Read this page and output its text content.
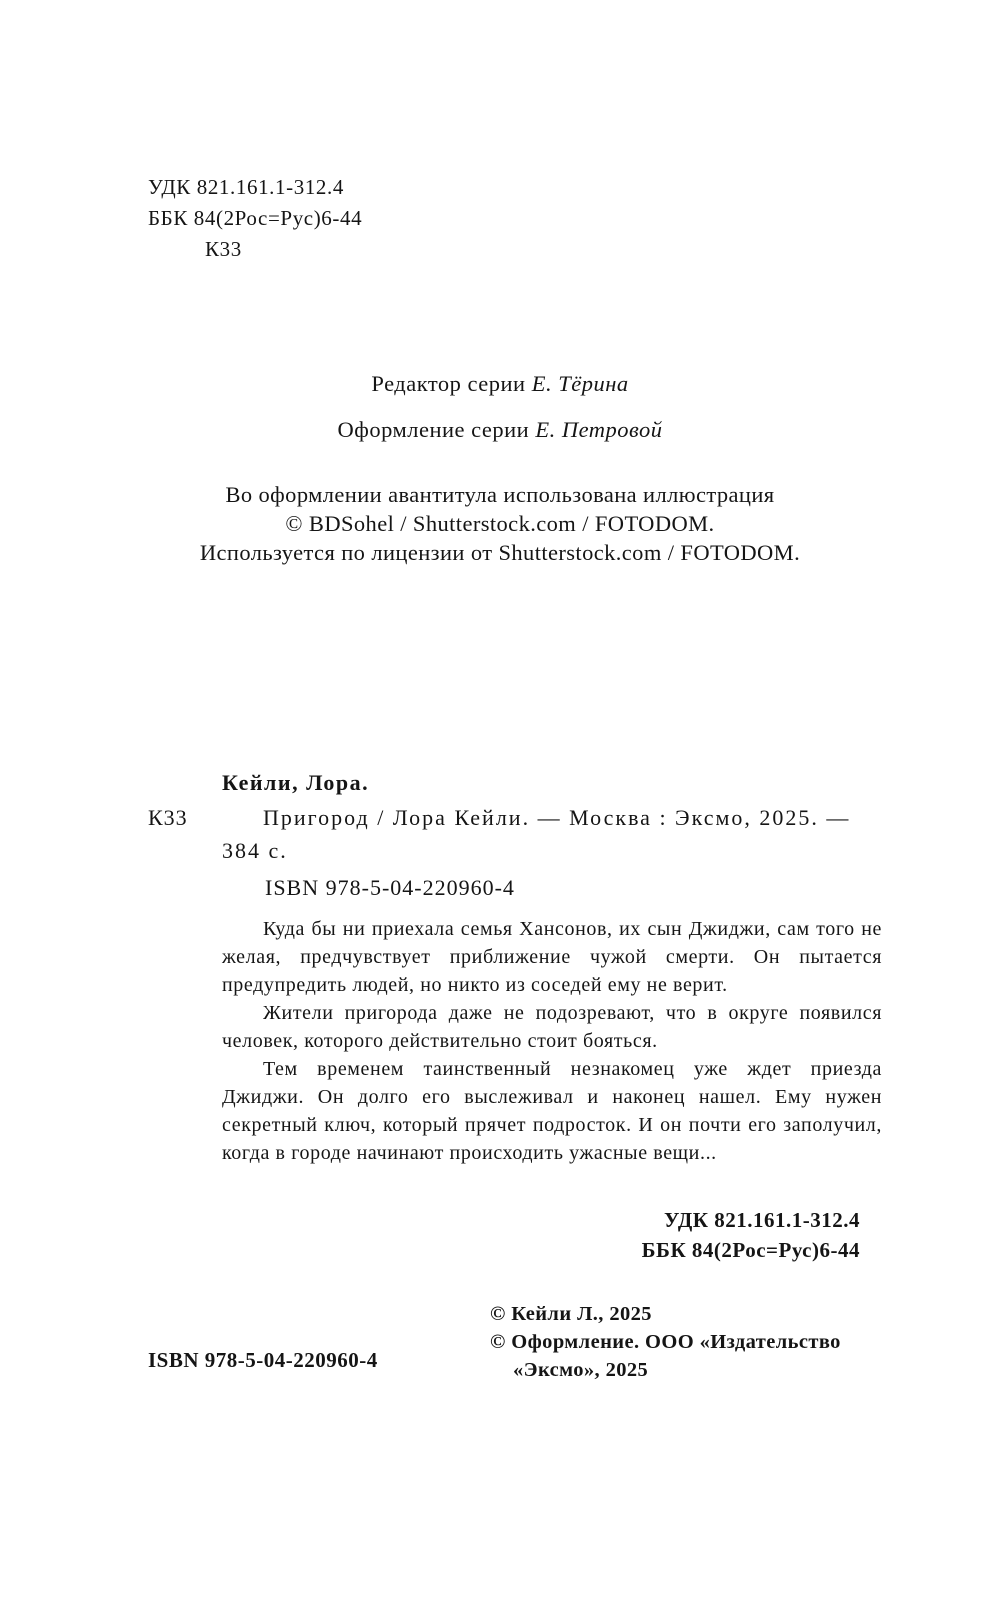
УДК 821.161.1-312.4
ББК 84(2Рос=Рус)6-44
К33

Редактор серии Е. Тёрина

Оформление серии Е. Петровой

Во оформлении авантитула использована иллюстрация
© BDSohel / Shutterstock.com / FOTODOM.
Используется по лицензии от Shutterstock.com / FOTODOM.

Кейли, Лора.

К33	Пригород / Лора Кейли. — Москва : Эксмо, 2025. — 384 с.

ISBN 978-5-04-220960-4

Куда бы ни приехала семья Хансонов, их сын Джиджи, сам того не желая, предчувствует приближение чужой смерти. Он пытается предупредить людей, но никто из соседей ему не верит.

Жители пригорода даже не подозревают, что в округе появился человек, которого действительно стоит бояться.

Тем временем таинственный незнакомец уже ждет приезда Джиджи. Он долго его выслеживал и наконец нашел. Ему нужен секретный ключ, который прячет подросток. И он почти его заполучил, когда в городе начинают происходить ужасные вещи...

УДК 821.161.1-312.4
ББК 84(2Рос=Рус)6-44

© Кейли Л., 2025

© Оформление. ООО «Издательство «Эксмо», 2025

ISBN 978-5-04-220960-4
